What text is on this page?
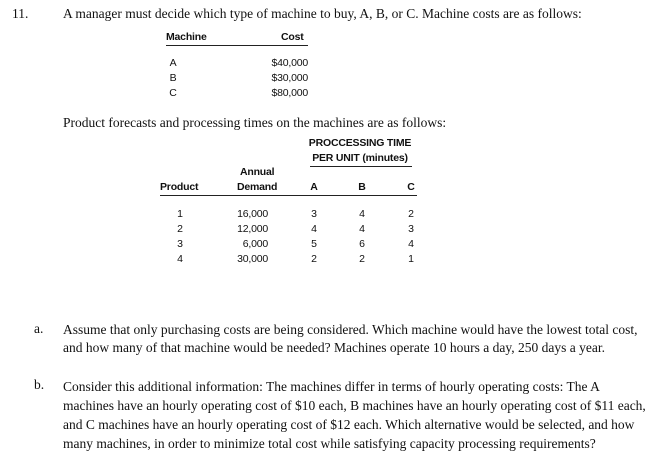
11.	A manager must decide which type of machine to buy, A, B, or C. Machine costs are as follows:
Machine	Cost
A	$40,000
B	$30,000
C	$80,000
Product forecasts and processing times on the machines are as follows:
PROCCESSING TIME
PER UNIT (minutes)
Annual
Product	Demand	A	B	C
1	16,000	3	4	2
2	12,000	4	4	3
3	6,000	5	6	4
4	30,000	2	2	1
a. Assume that only purchasing costs are being considered. Which machine would have the lowest total cost, and how many of that machine would be needed? Machines operate 10 hours a day, 250 days a year.
b. Consider this additional information: The machines differ in terms of hourly operating costs: The A machines have an hourly operating cost of $10 each, B machines have an hourly operating cost of $11 each, and C machines have an hourly operating cost of $12 each. Which alternative would be selected, and how many machines, in order to minimize total cost while satisfying capacity processing requirements?
